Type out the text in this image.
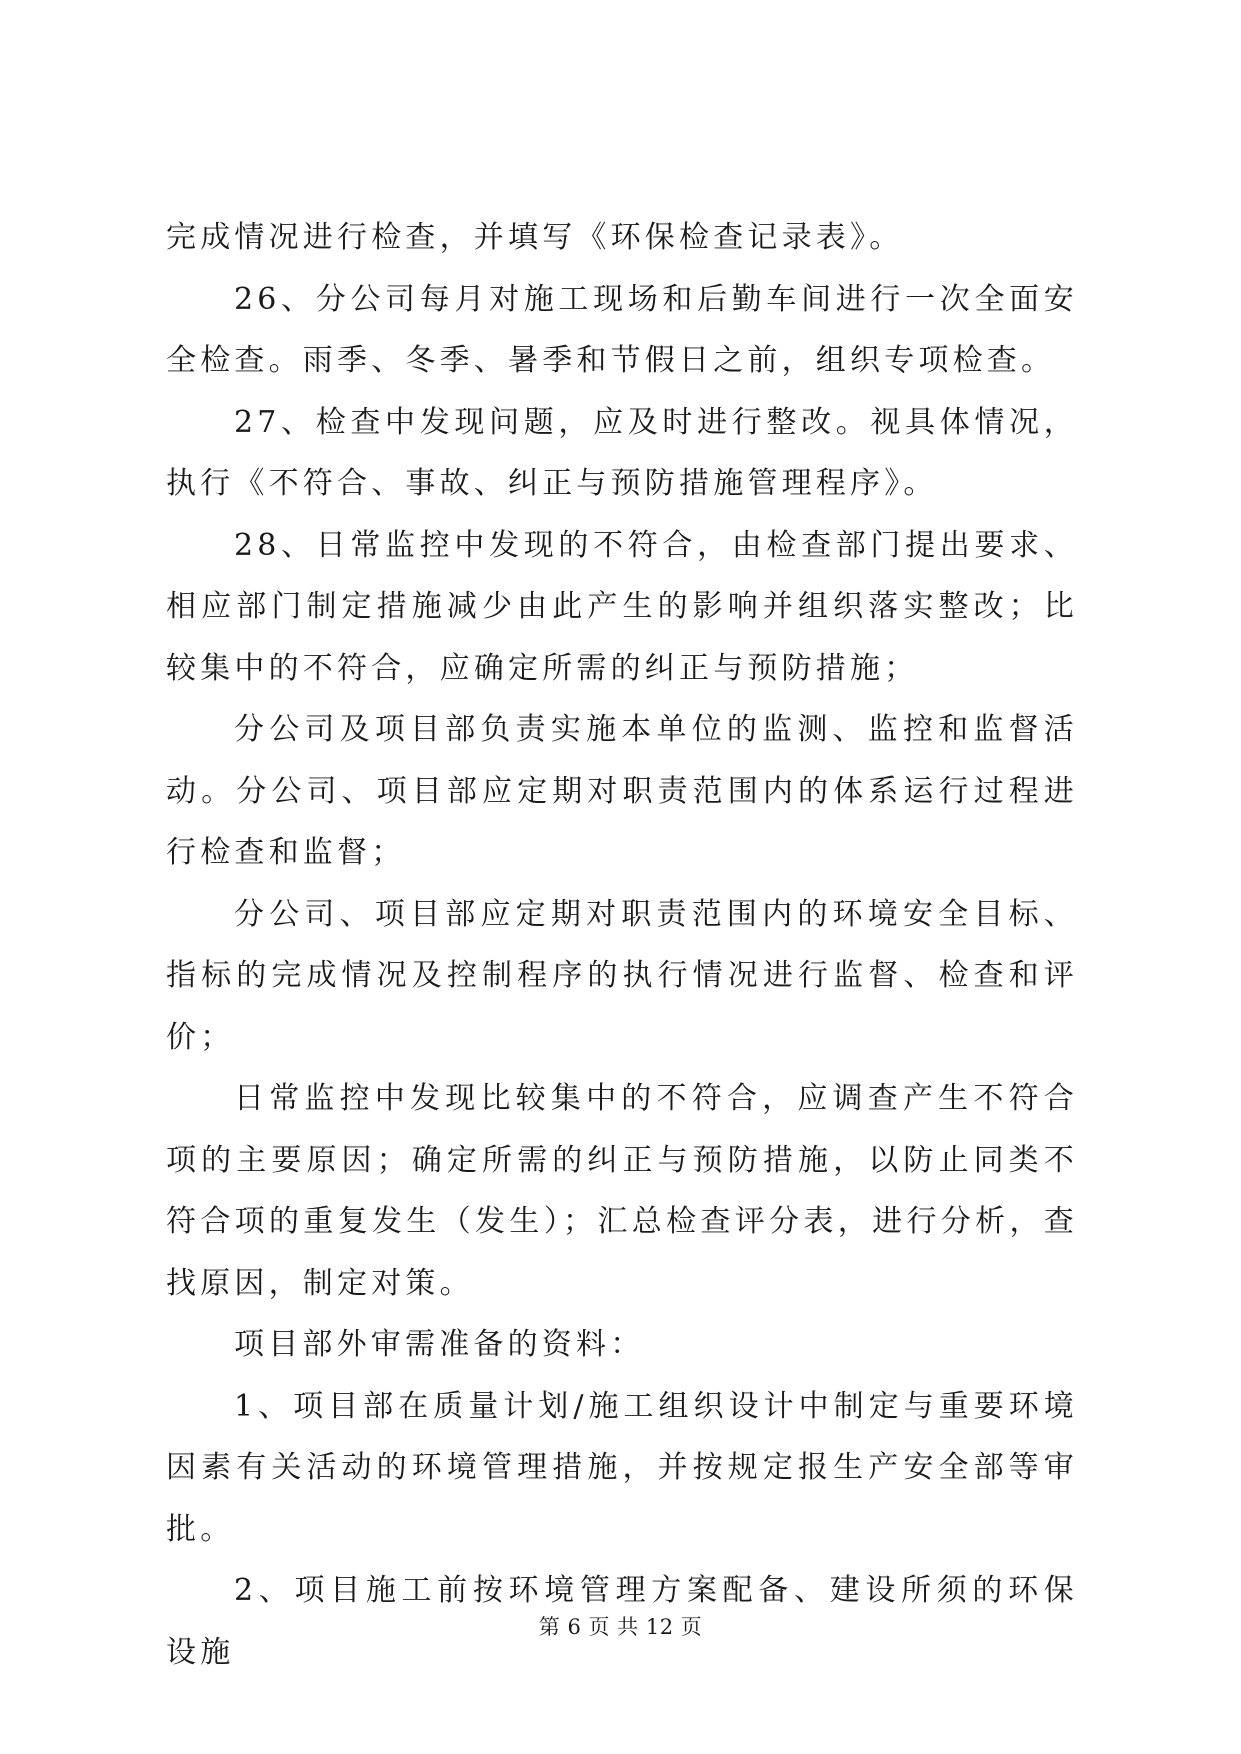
完成情况进行检查，并填写《环保检查记录表》。

26、分公司每月对施工现场和后勤车间进行一次全面安全检查。雨季、冬季、暑季和节假日之前，组织专项检查。

27、检查中发现问题，应及时进行整改。视具体情况，执行《不符合、事故、纠正与预防措施管理程序》。

28、日常监控中发现的不符合，由检查部门提出要求、相应部门制定措施减少由此产生的影响并组织落实整改；比较集中的不符合，应确定所需的纠正与预防措施；

分公司及项目部负责实施本单位的监测、监控和监督活动。分公司、项目部应定期对职责范围内的体系运行过程进行检查和监督；

分公司、项目部应定期对职责范围内的环境安全目标、指标的完成情况及控制程序的执行情况进行监督、检查和评价；

日常监控中发现比较集中的不符合，应调查产生不符合项的主要原因；确定所需的纠正与预防措施，以防止同类不符合项的重复发生（发生）；汇总检查评分表，进行分析，查找原因，制定对策。

项目部外审需准备的资料：

1、项目部在质量计划/施工组织设计中制定与重要环境因素有关活动的环境管理措施，并按规定报生产安全部等审批。

2、项目施工前按环境管理方案配备、建设所须的环保设施

第 6 页 共 12 页
